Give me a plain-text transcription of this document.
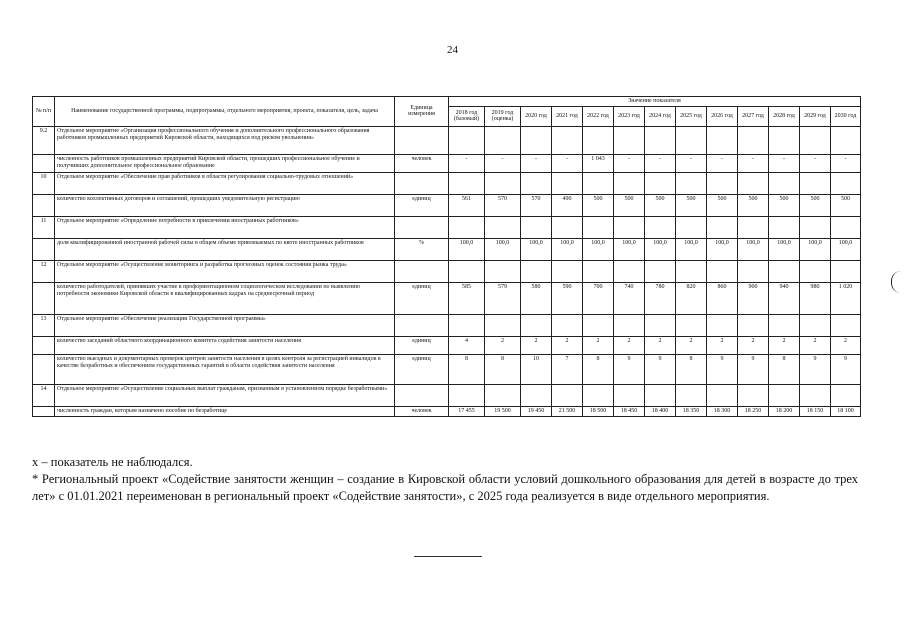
24
№ п/п	Наименование государственной программы, подпрограммы, отдельного мероприятия, проекта, показателя, цель, задача	Единица измерения	Значение показателя												
			2018 год (базовый)	2019 год (оценка)	2020 год	2021 год	2022 год	2023 год	2024 год	2025 год	2026 год	2027 год	2028 год	2029 год	2030 год
9.2	Отдельное мероприятие «Организация профессионального обучения и дополнительного профессионального образования работников промышленных предприятий Кировской области, находящихся под риском увольнения»														
	численность работников промышленных предприятий Кировской области, прошедших профессиональное обучение и получивших дополнительное профессиональное образование	человек	-	-	-	-	1 043	-	-	-	-	-	-	-	-
10	Отдельное мероприятие «Обеспечение прав работников в области регулирования социально-трудовых отношений»														
	количество коллективных договоров и соглашений, прошедших уведомительную регистрацию	единиц	561	570	570	490	500	500	500	500	500	500	500	500	500
11	Отдельное мероприятие «Определение потребности в привлечении иностранных работников»														
	доля квалифицированной иностранной рабочей силы в общем объеме привлекаемых по квоте иностранных работников	%	100,0	100,0	100,0	100,0	100,0	100,0	100,0	100,0	100,0	100,0	100,0	100,0	100,0
12	Отдельное мероприятие «Осуществление мониторинга и разработка прогнозных оценок состояния рынка труда»														
	количество работодателей, принявших участие в профориентационном социологическом исследовании по выявлению потребности экономики Кировской области в квалифицированных кадрах на среднесрочный период	единиц	585	579	580	590	700	740	780	820	860	900	940	980	1 020
13	Отдельное мероприятие «Обеспечение реализации Государственной программы»														
	количество заседаний областного координационного комитета содействия занятости населения	единиц	4	2	2	2	2	2	2	2	2	2	2	2	2
	количество выездных и документарных проверок центров занятости населения в целях контроля за регистрацией инвалидов в качестве безработных и обеспечением государственных гарантий в области содействия занятости населения	единиц	8	8	10	7	8	9	9	8	9	9	8	9	9
14	Отдельное мероприятие «Осуществление социальных выплат гражданам, признанным в установленном порядке безработными»														
	численность граждан, которым назначено пособие по безработице	человек	17 455	19 500	19 450	21 500	18 500	18 450	18 400	18 350	18 300	18 250	18 200	18 150	18 100

х – показатель не наблюдался.

* Региональный проект «Содействие занятости женщин – создание в Кировской области условий дошкольного образования для детей в возрасте до трех лет» с 01.01.2021 переименован в региональный проект «Содействие занятости», с 2025 года реализуется в виде отдельного мероприятия.
